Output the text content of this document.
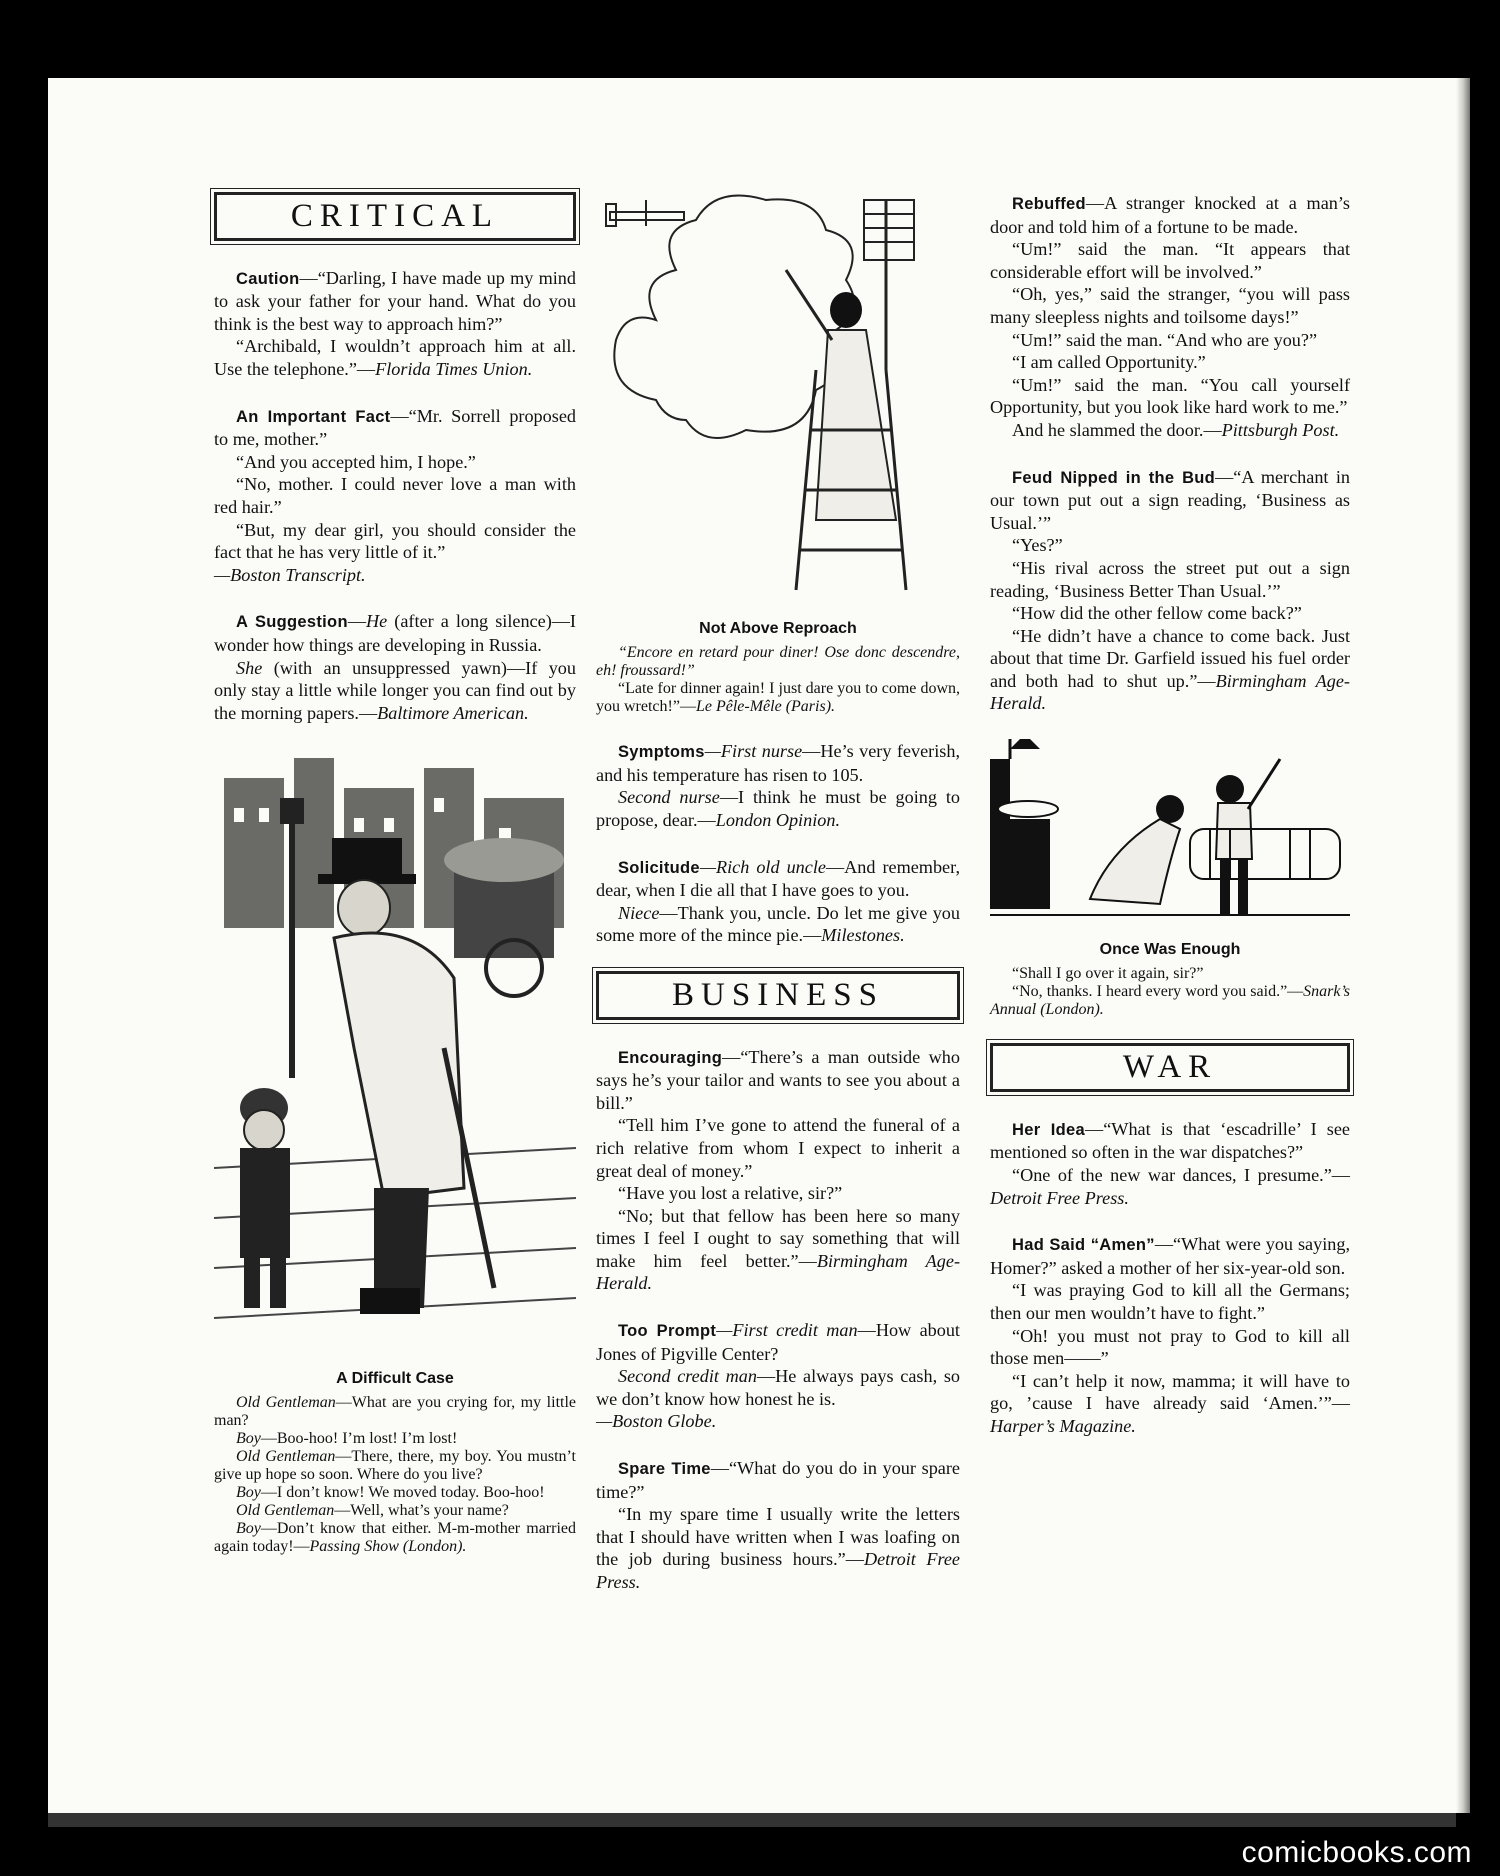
comicbooks.com
CRITICAL

Caution—“Darling, I have made up my mind to ask your father for your hand. What do you think is the best way to approach him?”

“Archibald, I wouldn’t approach him at all. Use the telephone.”—Florida Times Union.

An Important Fact—“Mr. Sorrell proposed to me, mother.”

“And you accepted him, I hope.”

“No, mother. I could never love a man with red hair.”

“But, my dear girl, you should consider the fact that he has very little of it.”

—Boston Transcript.

A Suggestion—He (after a long silence)—I wonder how things are developing in Russia.

She (with an unsuppressed yawn)—If you only stay a little while longer you can find out by the morning papers.—Baltimore American.

A Difficult Case

Old Gentleman—What are you crying for, my little man?

Boy—Boo-hoo! I’m lost! I’m lost!

Old Gentleman—There, there, my boy. You mustn’t give up hope so soon. Where do you live?

Boy—I don’t know! We moved today. Boo-hoo!

Old Gentleman—Well, what’s your name?

Boy—Don’t know that either. M-m-mother married again today!—Passing Show (London).

Not Above Reproach

“Encore en retard pour diner! Ose donc descendre, eh! froussard!”

“Late for dinner again! I just dare you to come down, you wretch!”—Le Pêle-Mêle (Paris).

Symptoms—First nurse—He’s very feverish, and his temperature has risen to 105.

Second nurse—I think he must be going to propose, dear.—London Opinion.

Solicitude—Rich old uncle—And remember, dear, when I die all that I have goes to you.

Niece—Thank you, uncle. Do let me give you some more of the mince pie.—Milestones.

BUSINESS

Encouraging—“There’s a man outside who says he’s your tailor and wants to see you about a bill.”

“Tell him I’ve gone to attend the funeral of a rich relative from whom I expect to inherit a great deal of money.”

“Have you lost a relative, sir?”

“No; but that fellow has been here so many times I feel I ought to say something that will make him feel better.”—Birmingham Age-Herald.

Too Prompt—First credit man—How about Jones of Pigville Center?

Second credit man—He always pays cash, so we don’t know how honest he is.

—Boston Globe.

Spare Time—“What do you do in your spare time?”

“In my spare time I usually write the letters that I should have written when I was loafing on the job during business hours.”—Detroit Free Press.

Rebuffed—A stranger knocked at a man’s door and told him of a fortune to be made.

“Um!” said the man. “It appears that considerable effort will be involved.”

“Oh, yes,” said the stranger, “you will pass many sleepless nights and toilsome days!”

“Um!” said the man. “And who are you?”

“I am called Opportunity.”

“Um!” said the man. “You call yourself Opportunity, but you look like hard work to me.”

And he slammed the door.—Pittsburgh Post.

Feud Nipped in the Bud—“A merchant in our town put out a sign reading, ‘Business as Usual.’”

“Yes?”

“His rival across the street put out a sign reading, ‘Business Better Than Usual.’”

“How did the other fellow come back?”

“He didn’t have a chance to come back. Just about that time Dr. Garfield issued his fuel order and both had to shut up.”—Birmingham Age-Herald.

Once Was Enough

“Shall I go over it again, sir?”

“No, thanks. I heard every word you said.”—Snark’s Annual (London).

WAR

Her Idea—“What is that ‘escadrille’ I see mentioned so often in the war dispatches?”

“One of the new war dances, I presume.”—Detroit Free Press.

Had Said “Amen”—“What were you saying, Homer?” asked a mother of her six-year-old son.

“I was praying God to kill all the Germans; then our men wouldn’t have to fight.”

“Oh! you must not pray to God to kill all those men——”

“I can’t help it now, mamma; it will have to go, ’cause I have already said ‘Amen.’”—Harper’s Magazine.
